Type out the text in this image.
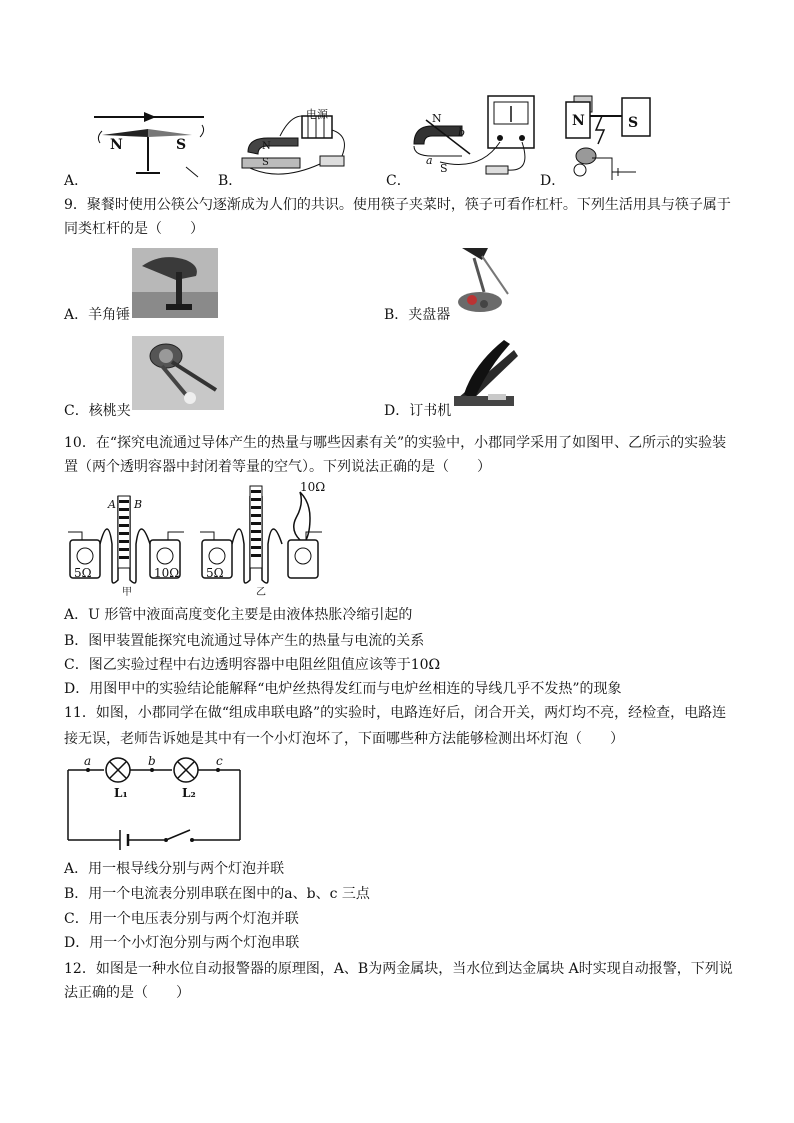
N	S
电源
N
S
N
S
a
b
N	S
A．	B．	C．	D．
9．聚餐时使用公筷公勺逐渐成为人们的共识。使用筷子夹菜时，筷子可看作杠杆。下列生活用具与筷子属于
同类杠杆的是（　　）
A．羊角锤	B．夹盘器
C．核桃夹	D．订书机
10．在“探究电流通过导体产生的热量与哪些因素有关”的实验中，小郡同学采用了如图甲、乙所示的实验装
置（两个透明容器中封闭着等量的空气）。下列说法正确的是（　　）
A B
5Ω	10Ω 5Ω
10Ω
甲	乙
A．U 形管中液面高度变化主要是由液体热胀冷缩引起的
B．图甲装置能探究电流通过导体产生的热量与电流的关系
C．图乙实验过程中右边透明容器中电阻丝阻值应该等于10Ω
D．用图甲中的实验结论能解释“电炉丝热得发红而与电炉丝相连的导线几乎不发热”的现象
11．如图，小郡同学在做“组成串联电路”的实验时，电路连好后，闭合开关，两灯均不亮，经检查，电路连
接无误，老师告诉她是其中有一个小灯泡坏了，下面哪些种方法能够检测出坏灯泡（　　）
a	b	c
L₁	L₂
A．用一根导线分别与两个灯泡并联
B．用一个电流表分别串联在图中的a、b、c 三点
C．用一个电压表分别与两个灯泡并联
D．用一个小灯泡分别与两个灯泡串联
12．如图是一种水位自动报警器的原理图，A、B为两金属块，当水位到达金属块 A时实现自动报警，下列说
法正确的是（　　）
